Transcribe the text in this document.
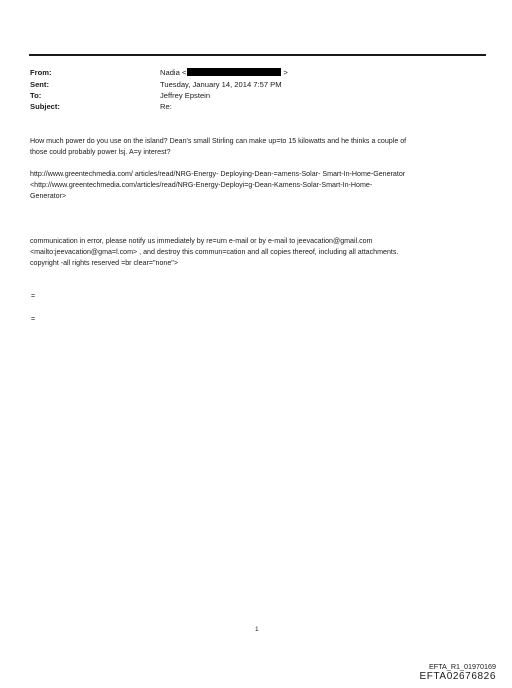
From:	Nadia <	>
Sent:	Tuesday, January 14, 2014 7:57 PM
To:	Jeffrey Epstein
Subject:	Re:
How much power do you use on the island? Dean's small Stirling can make up=to 15 kilowatts and he thinks a couple of
those could probably power lsj. A=y interest?
http://www.greentechmedia.com/ articles/read/NRG-Energy- Deploying-Dean-=amens-Solar- Smart-In-Home-Generator
<http://www.greentechmedia.com/articles/read/NRG-Energy-Deployi=g-Dean-Kamens-Solar-Smart-In-Home-
Generator>
communication in error, please notify us immediately by re=urn e-mail or by e-mail to jeevacation@gmail.com
<mailto:jeevacation@gma=l.com> , and destroy this commun=cation and all copies thereof, including all attachments.
copyright -all rights reserved =br clear="none">
=
=
1
EFTA_R1_01970169
EFTA02676826
